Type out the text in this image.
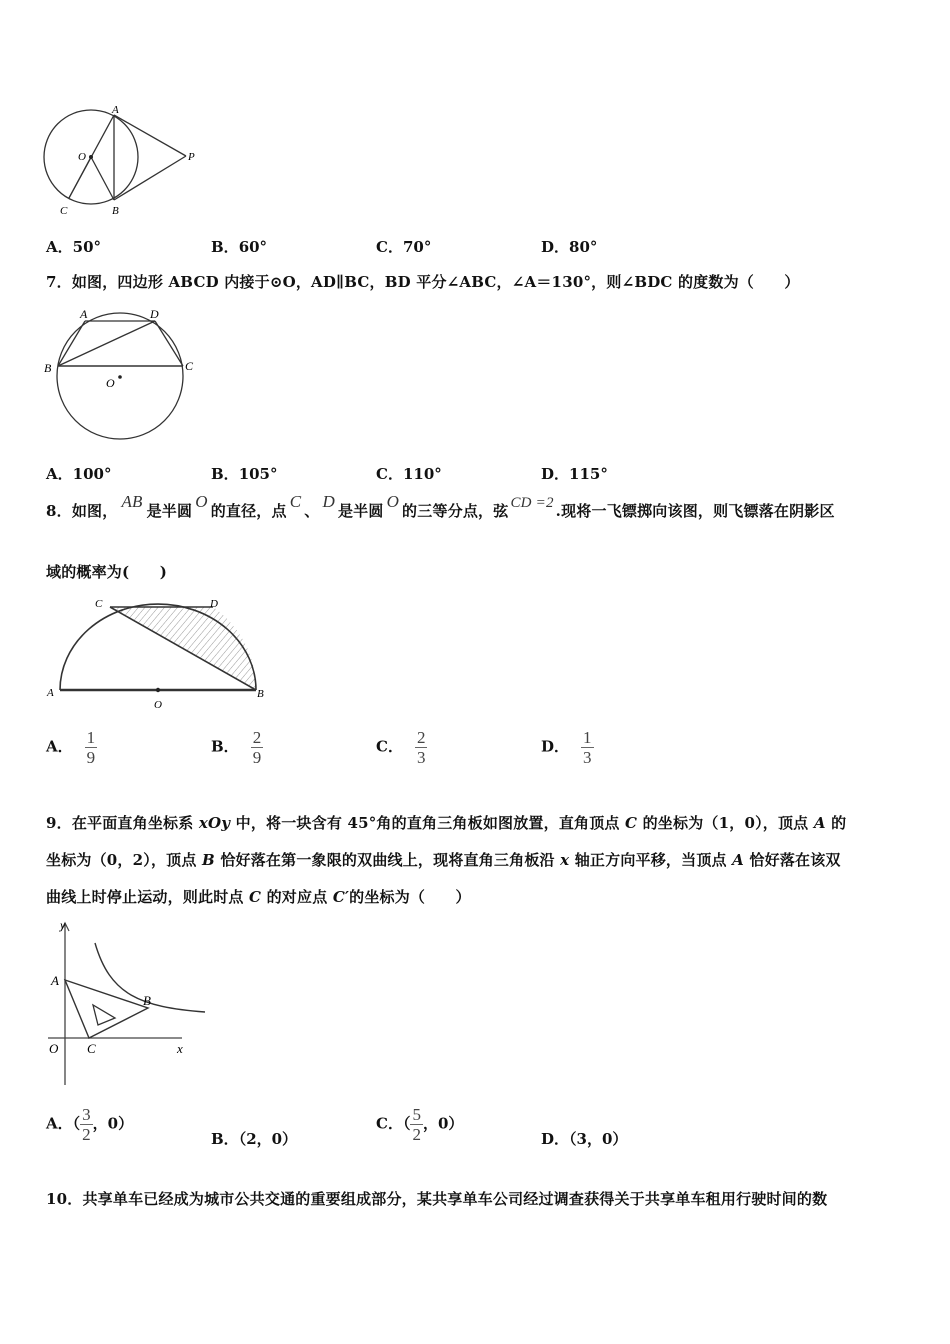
A
O	P
C	B
A．50°	B．60°	C．70°	D．80°
7．如图，四边形 ABCD 内接于⊙O，AD∥BC，BD 平分∠ABC，∠A＝130°，则∠BDC 的度数为（　　）
A	D
B	C
O
A．100°	B．105°	C．110°	D．115°
8．如图， AB 是半圆 O 的直径，点 C 、 D 是半圆 O 的三等分点，弦 CD =2 .现将一飞镖掷向该图，则飞镖落在阴影区
域的概率为(　　)
C	D
A
O
B
A． $\frac{1}{9}$	B． $\frac{2}{9}$	C． $\frac{2}{3}$	D． $\frac{1}{3}$
9．在平面直角坐标系 xOy 中，将一块含有 45°角的直角三角板如图放置，直角顶点 C 的坐标为（1，0），顶点 A 的
坐标为（0，2），顶点 B 恰好落在第一象限的双曲线上，现将直角三角板沿 x 轴正方向平移，当顶点 A 恰好落在该双
曲线上时停止运动，则此时点 C 的对应点 C′的坐标为（　　）
y
A
B
O C	x
A．（ $\frac{3}{2}$ ，0）
B．（2，0）
C．（ $\frac{5}{2}$ ，0）
D．（3，0）
10．共享单车已经成为城市公共交通的重要组成部分，某共享单车公司经过调查获得关于共享单车租用行驶时间的数
